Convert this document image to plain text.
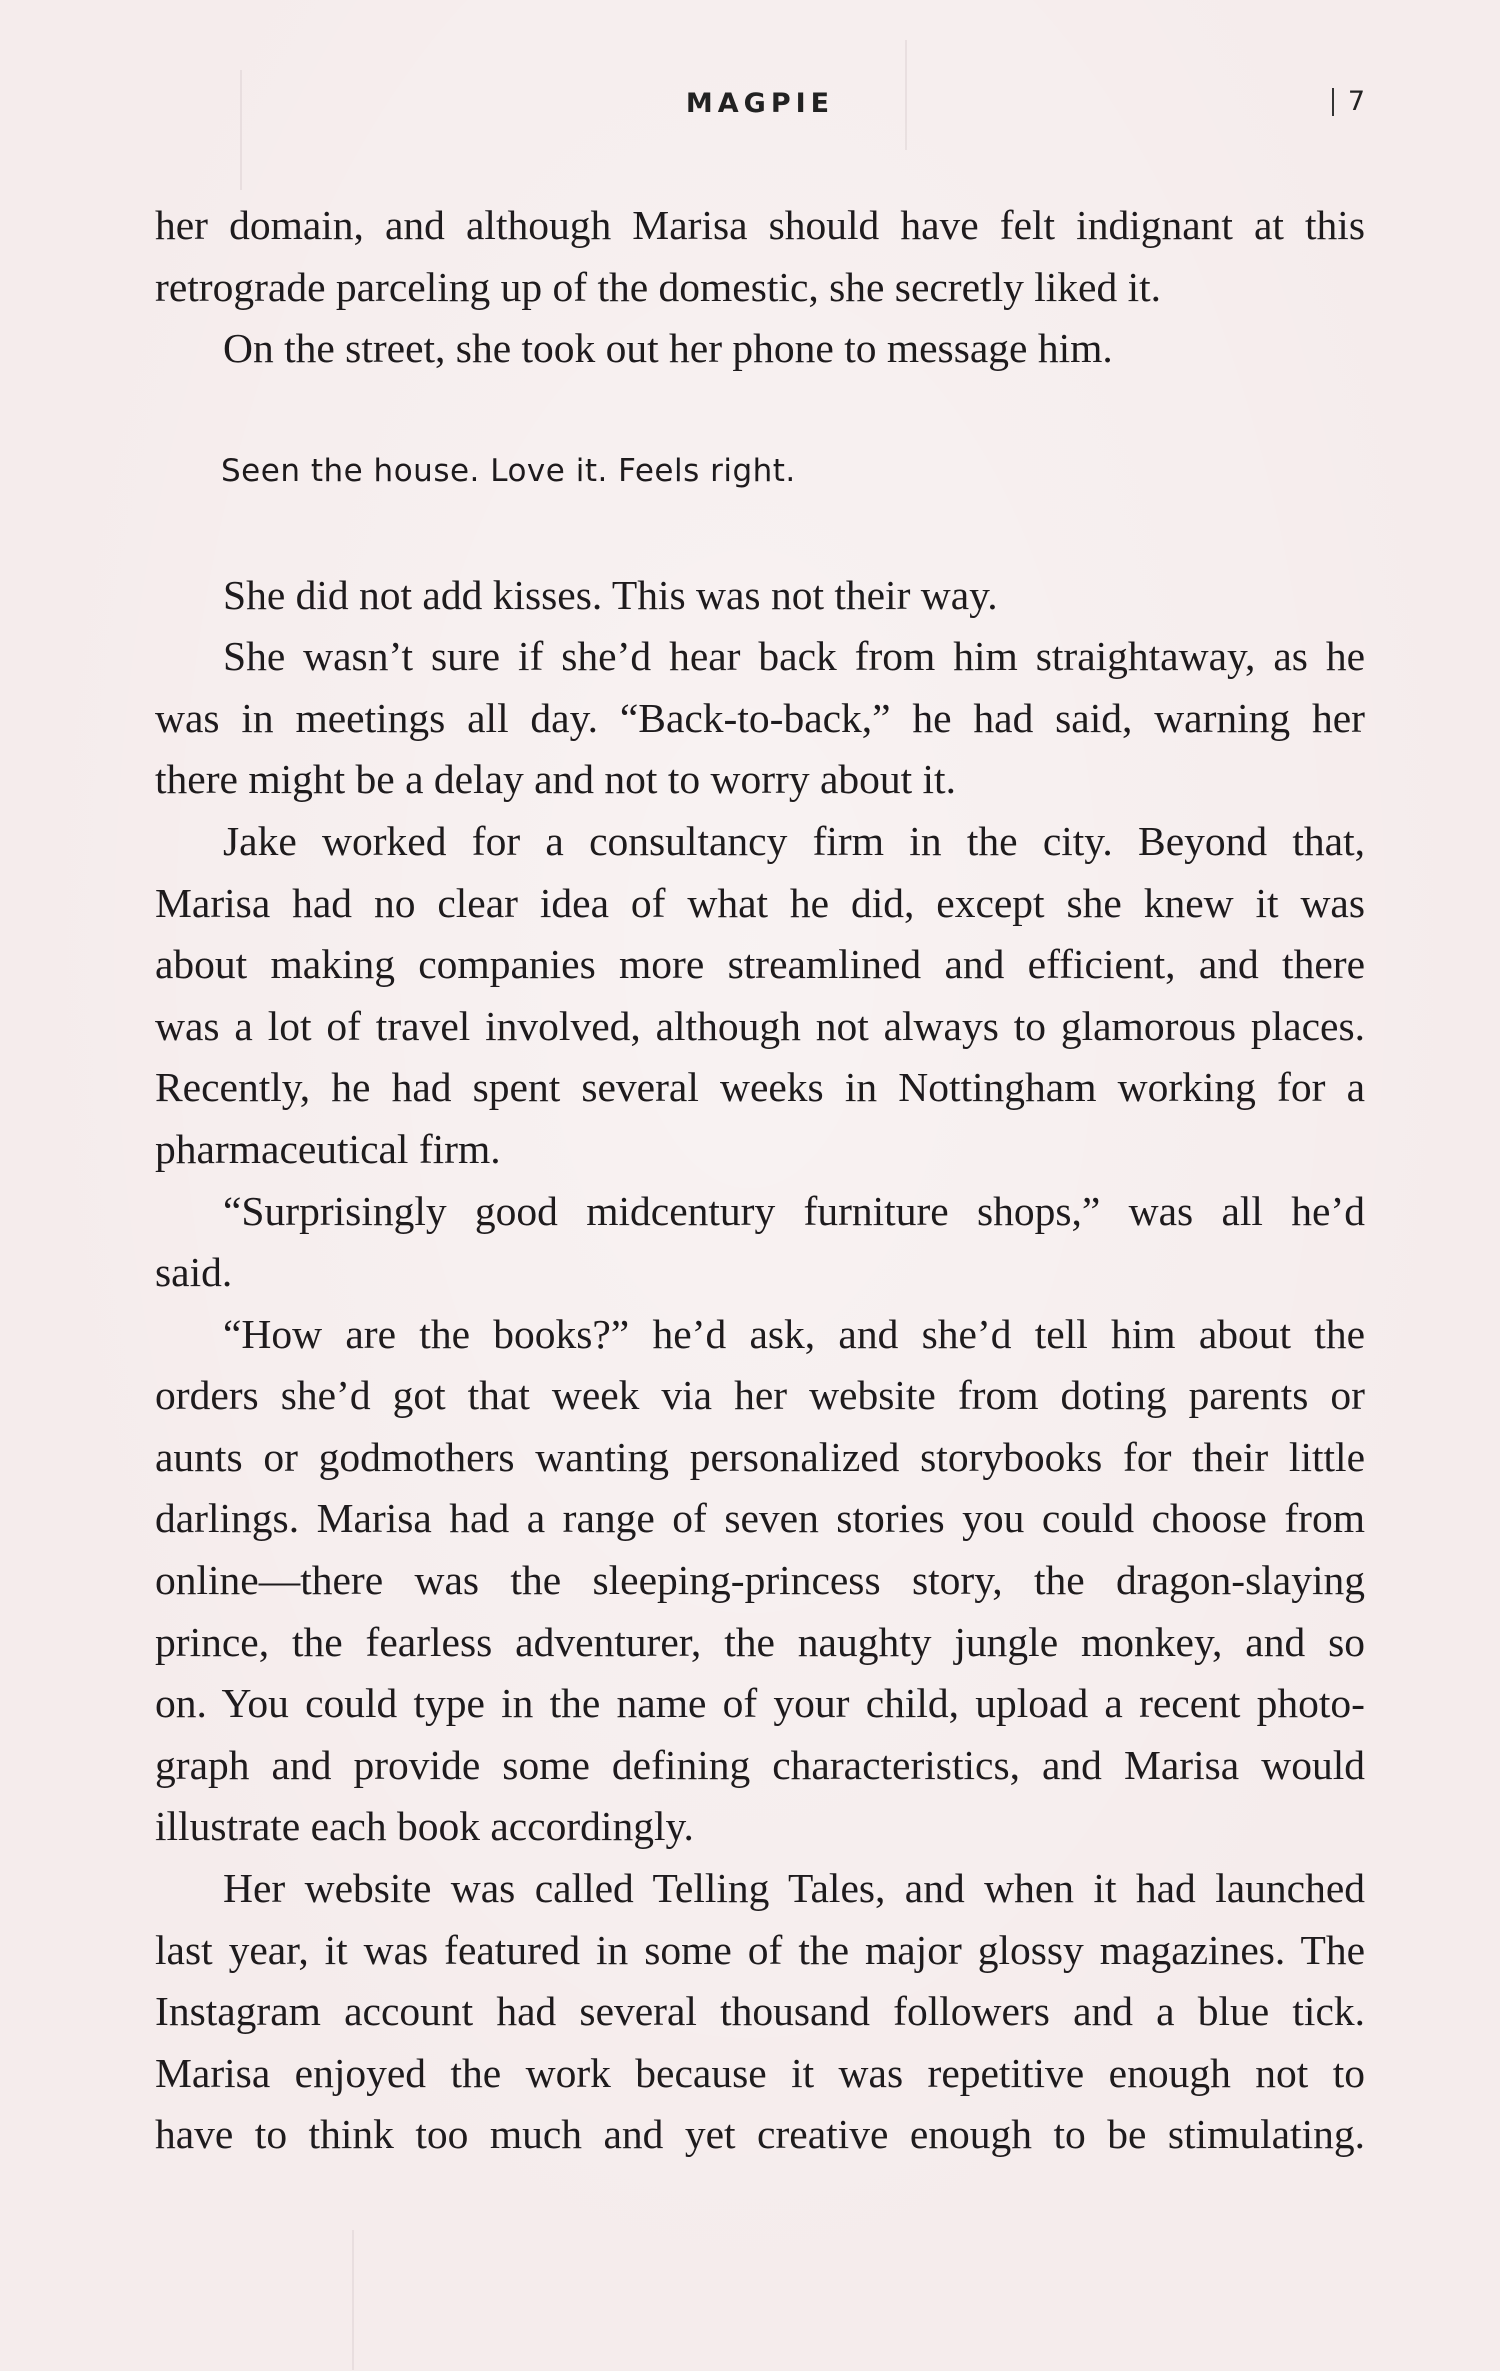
MAGPIE	7
her domain, and although Marisa should have felt indignant at this
retrograde parceling up of the domestic, she secretly liked it.
On the street, she took out her phone to message him.
Seen the house. Love it. Feels right.
She did not add kisses. This was not their way.
She wasn’t sure if she’d hear back from him straightaway, as he
was in meetings all day. “Back-to-back,” he had said, warning her
there might be a delay and not to worry about it.
Jake worked for a consultancy firm in the city. Beyond that,
Marisa had no clear idea of what he did, except she knew it was
about making companies more streamlined and efficient, and there
was a lot of travel involved, although not always to glamorous places.
Recently, he had spent several weeks in Nottingham working for a
pharmaceutical firm.
“Surprisingly good midcentury furniture shops,” was all he’d
said.
“How are the books?” he’d ask, and she’d tell him about the
orders she’d got that week via her website from doting parents or
aunts or godmothers wanting personalized storybooks for their little
darlings. Marisa had a range of seven stories you could choose from
online—there was the sleeping-princess story, the dragon-slaying
prince, the fearless adventurer, the naughty jungle monkey, and so
on. You could type in the name of your child, upload a recent photo-
graph and provide some defining characteristics, and Marisa would
illustrate each book accordingly.
Her website was called Telling Tales, and when it had launched
last year, it was featured in some of the major glossy magazines. The
Instagram account had several thousand followers and a blue tick.
Marisa enjoyed the work because it was repetitive enough not to
have to think too much and yet creative enough to be stimulating.
